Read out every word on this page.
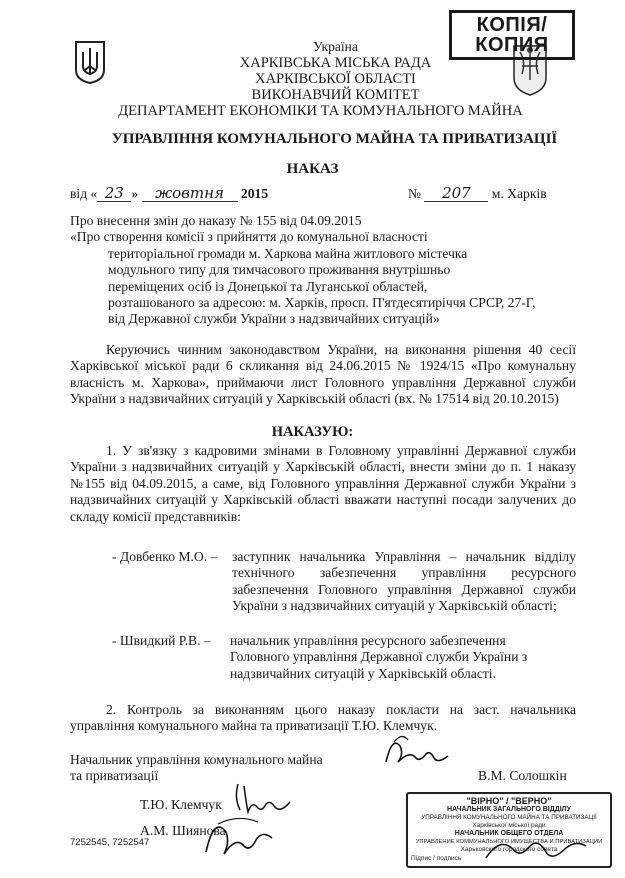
КОПІЯ/
КОПИЯ
Україна
ХАРКІВСЬКА МІСЬКА РАДА
ХАРКІВСЬКОЇ ОБЛАСТІ
ВИКОНАВЧИЙ КОМІТЕТ
ДЕПАРТАМЕНТ ЕКОНОМІКИ ТА КОМУНАЛЬНОГО МАЙНА
УПРАВЛІННЯ КОМУНАЛЬНОГО МАЙНА ТА ПРИВАТИЗАЦІЇ
НАКАЗ
від « 23 » жовтня 2015	№ 207 м. Харків
Про внесення змін до наказу № 155 від 04.09.2015
«Про створення комісії з прийняття до комунальної власності
територіальної громади м. Харкова майна житлового містечка
модульного типу для тимчасового проживання внутрішньо
переміщених осіб із Донецької та Луганської областей,
розташованого за адресою: м. Харків, просп. П'ятдесятиріччя СРСР, 27-Г,
від Державної служби України з надзвичайних ситуацій»
Керуючись чинним законодавством України, на виконання рішення 40 сесії Харківської міської ради 6 скликання від 24.06.2015 № 1924/15 «Про комунальну власність м. Харкова», приймаючи лист Головного управління Державної служби України з надзвичайних ситуацій у Харківській області (вх. № 17514 від 20.10.2015)
НАКАЗУЮ:
1. У зв'язку з кадровими змінами в Головному управлінні Державної служби України з надзвичайних ситуацій у Харківській області, внести зміни до п. 1 наказу №155 від 04.09.2015, а саме, від Головного управління Державної служби України з надзвичайних ситуацій у Харківській області вважати наступні посади залучених до складу комісії представників:
- Довбенко М.О. –	заступник начальника Управління – начальник відділу технічного забезпечення управління ресурсного забезпечення Головного управління Державної служби України з надзвичайних ситуацій у Харківській області;
- Швидкий Р.В. –	начальник управління ресурсного забезпечення Головного управління Державної служби України з надзвичайних ситуацій у Харківській області.
2. Контроль за виконанням цього наказу покласти на заст. начальника управління комунального майна та приватизації Т.Ю. Клемчук.
Начальник управління комунального майна
та приватизації	В.М. Солошкін
Т.Ю. Клемчук
А.М. Шиянова
7252545, 7252547
"ВІРНО" / "ВЕРНО"
НАЧАЛЬНИК ЗАГАЛЬНОГО ВІДДІЛУ
УПРАВЛІННЯ КОМУНАЛЬНОГО МАЙНА ТА ПРИВАТИЗАЦІЇ
Харківської міської ради
НАЧАЛЬНИК ОБЩЕГО ОТДЕЛА
УПРАВЛЕНИЕ КОММУНАЛЬНОГО ИМУЩЕСТВА И ПРИВАТИЗАЦИИ
Харьковского городского совета
Підпис / подпись
